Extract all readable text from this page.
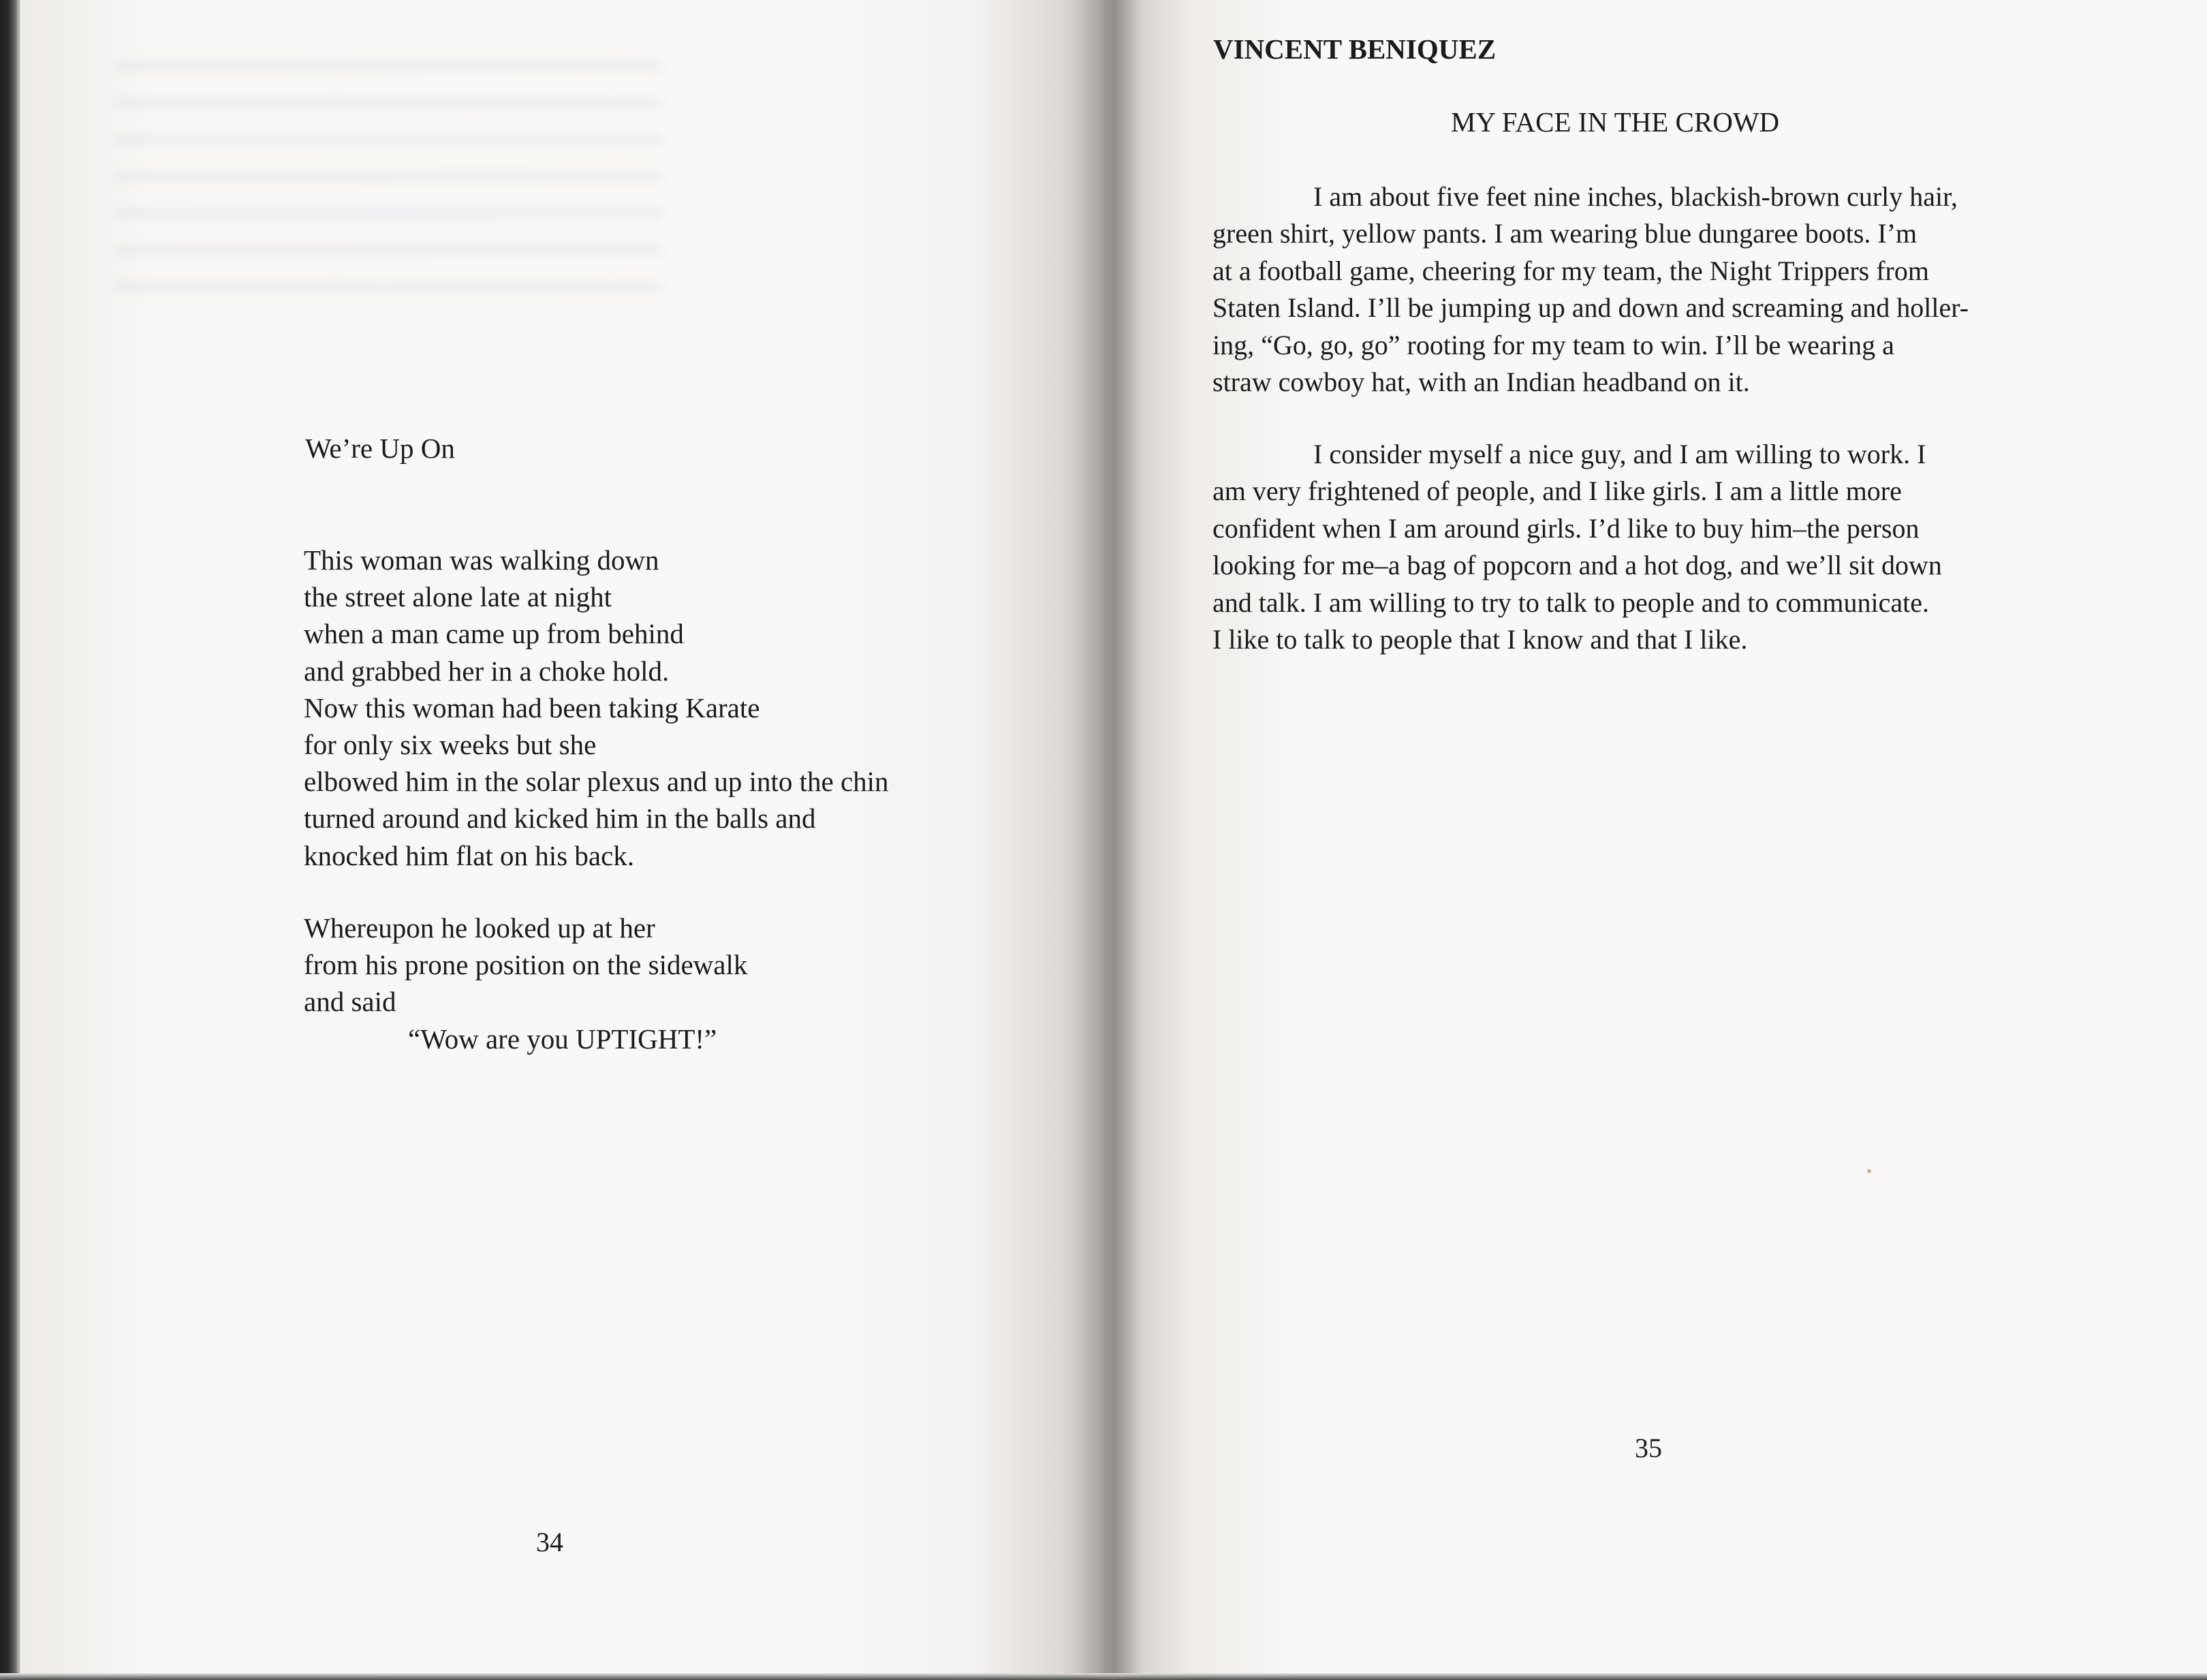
We’re Up On

This woman was walking down
the street alone late at night
when a man came up from behind
and grabbed her in a choke hold.
Now this woman had been taking Karate
for only six weeks but she
elbowed him in the solar plexus and up into the chin
turned around and kicked him in the balls and
knocked him flat on his back.
Whereupon he looked up at her
from his prone position on the sidewalk
and said
“Wow are you UPTIGHT!”

34

VINCENT BENIQUEZ

MY FACE IN THE CROWD

I am about five feet nine inches, blackish-brown curly hair,
green shirt, yellow pants. I am wearing blue dungaree boots. I’m
at a football game, cheering for my team, the Night Trippers from
Staten Island. I’ll be jumping up and down and screaming and holler-
ing, “Go, go, go” rooting for my team to win. I’ll be wearing a
straw cowboy hat, with an Indian headband on it.
I consider myself a nice guy, and I am willing to work. I
am very frightened of people, and I like girls. I am a little more
confident when I am around girls. I’d like to buy him–the person
looking for me–a bag of popcorn and a hot dog, and we’ll sit down
and talk. I am willing to try to talk to people and to communicate.
I like to talk to people that I know and that I like.

35
